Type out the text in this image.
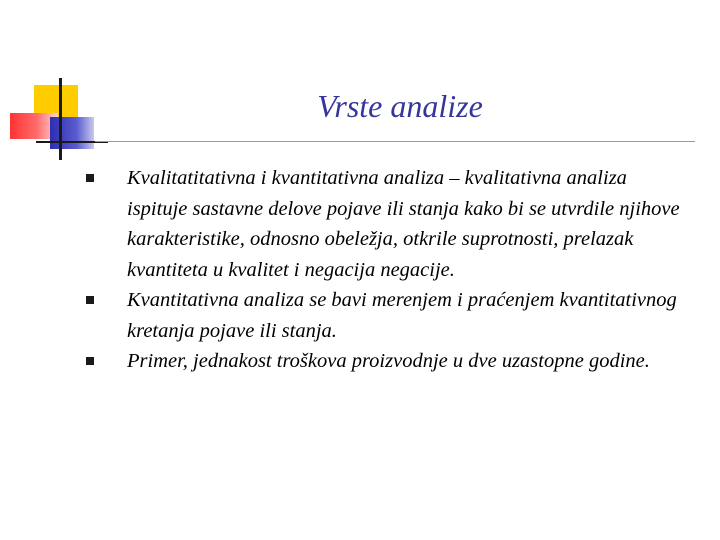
Vrste analize
Kvalitatitativna i kvantitativna analiza – kvalitativna analiza ispituje sastavne delove pojave ili stanja kako bi se utvrdile njihove karakteristike, odnosno obeležja, otkrile suprotnosti, prelazak kvantiteta u kvalitet i negacija negacije.
Kvantitativna analiza se bavi merenjem i praćenjem kvantitativnog kretanja pojave ili stanja.
Primer, jednakost troškova proizvodnje u dve uzastopne godine.
